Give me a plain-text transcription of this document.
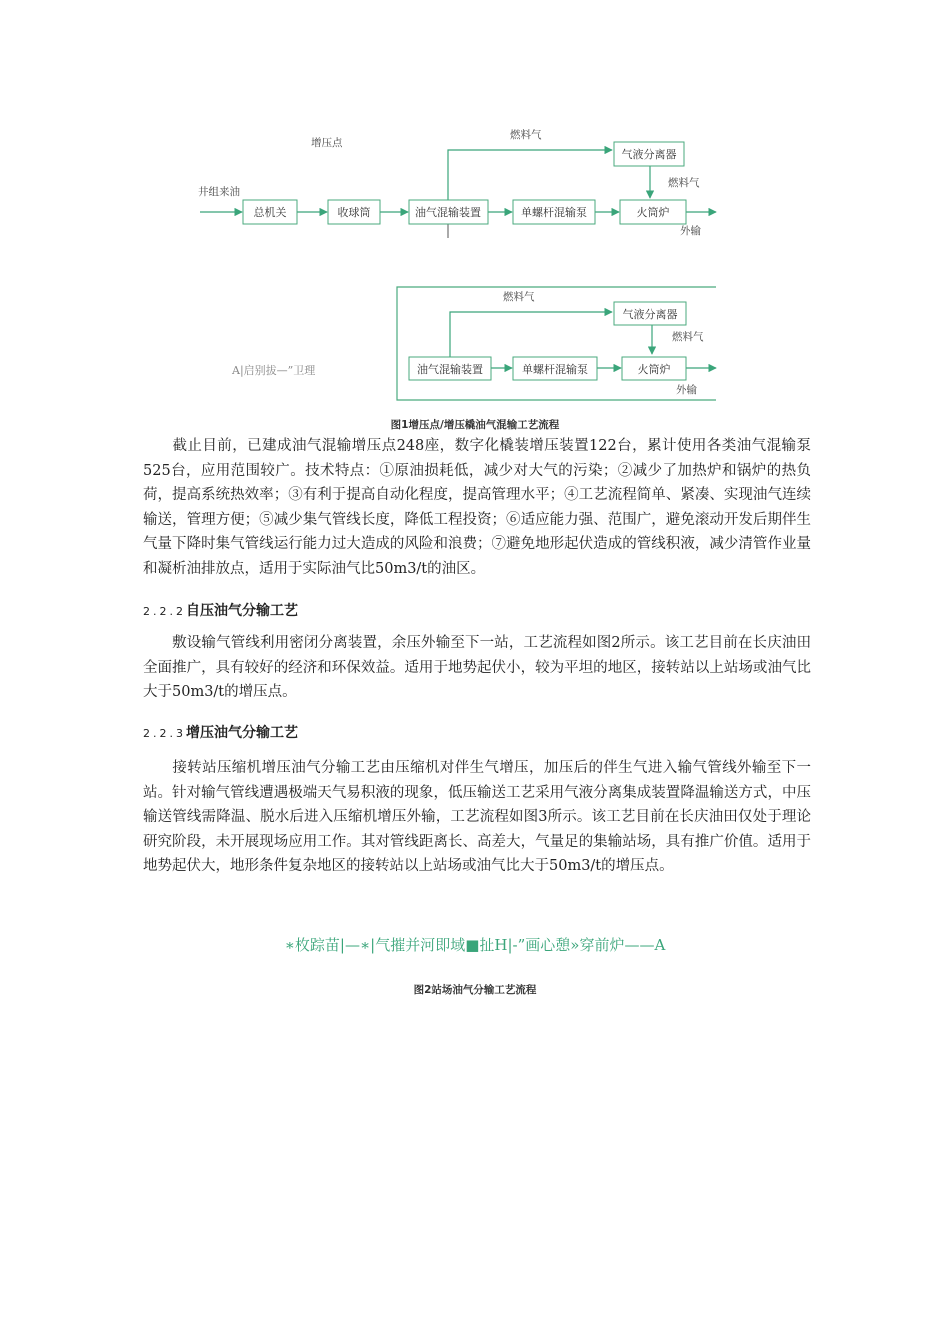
增压点
井组来油
燃料气
燃料气
外输
总机关	收球筒	油气混输装置	单螺杆混输泵	火筒炉
气液分离器
A|启别拔—”卫理
燃料气
燃料气
外输
油气混输装置	单螺杆混输泵	火筒炉
气液分离器
图1增压点/增压橇油气混输工艺流程

截止目前，已建成油气混输增压点248座，数字化橇装增压装置122台，累计使用各类油气混输泵525台，应用范围较广。技术特点：①原油损耗低，减少对大气的污染；②减少了加热炉和锅炉的热负荷，提高系统热效率；③有利于提高自动化程度，提高管理水平；④工艺流程简单、紧凑、实现油气连续输送，管理方便；⑤减少集气管线长度，降低工程投资；⑥适应能力强、范围广，避免滚动开发后期伴生气量下降时集气管线运行能力过大造成的风险和浪费；⑦避免地形起伏造成的管线积液，减少清管作业量和凝析油排放点，适用于实际油气比50m3/t的油区。

2.2.2自压油气分输工艺

敷设输气管线利用密闭分离装置，余压外输至下一站，工艺流程如图2所示。该工艺目前在长庆油田全面推广，具有较好的经济和环保效益。适用于地势起伏小，较为平坦的地区，接转站以上站场或油气比大于50m3/t的增压点。

2.2.3增压油气分输工艺

接转站压缩机增压油气分输工艺由压缩机对伴生气增压，加压后的伴生气进入输气管线外输至下一站。针对输气管线遭遇极端天气易积液的现象，低压输送工艺采用气液分离集成装置降温输送方式，中压输送管线需降温、脱水后进入压缩机增压外输，工艺流程如图3所示。该工艺目前在长庆油田仅处于理论研究阶段，未开展现场应用工作。其对管线距离长、高差大，气量足的集输站场，具有推广价值。适用于地势起伏大，地形条件复杂地区的接转站以上站场或油气比大于50m3/t的增压点。

∗枚踪苗|—∗|气摧并河即域■扯H|-”画心憩»穿前炉——A
图2站场油气分输工艺流程
